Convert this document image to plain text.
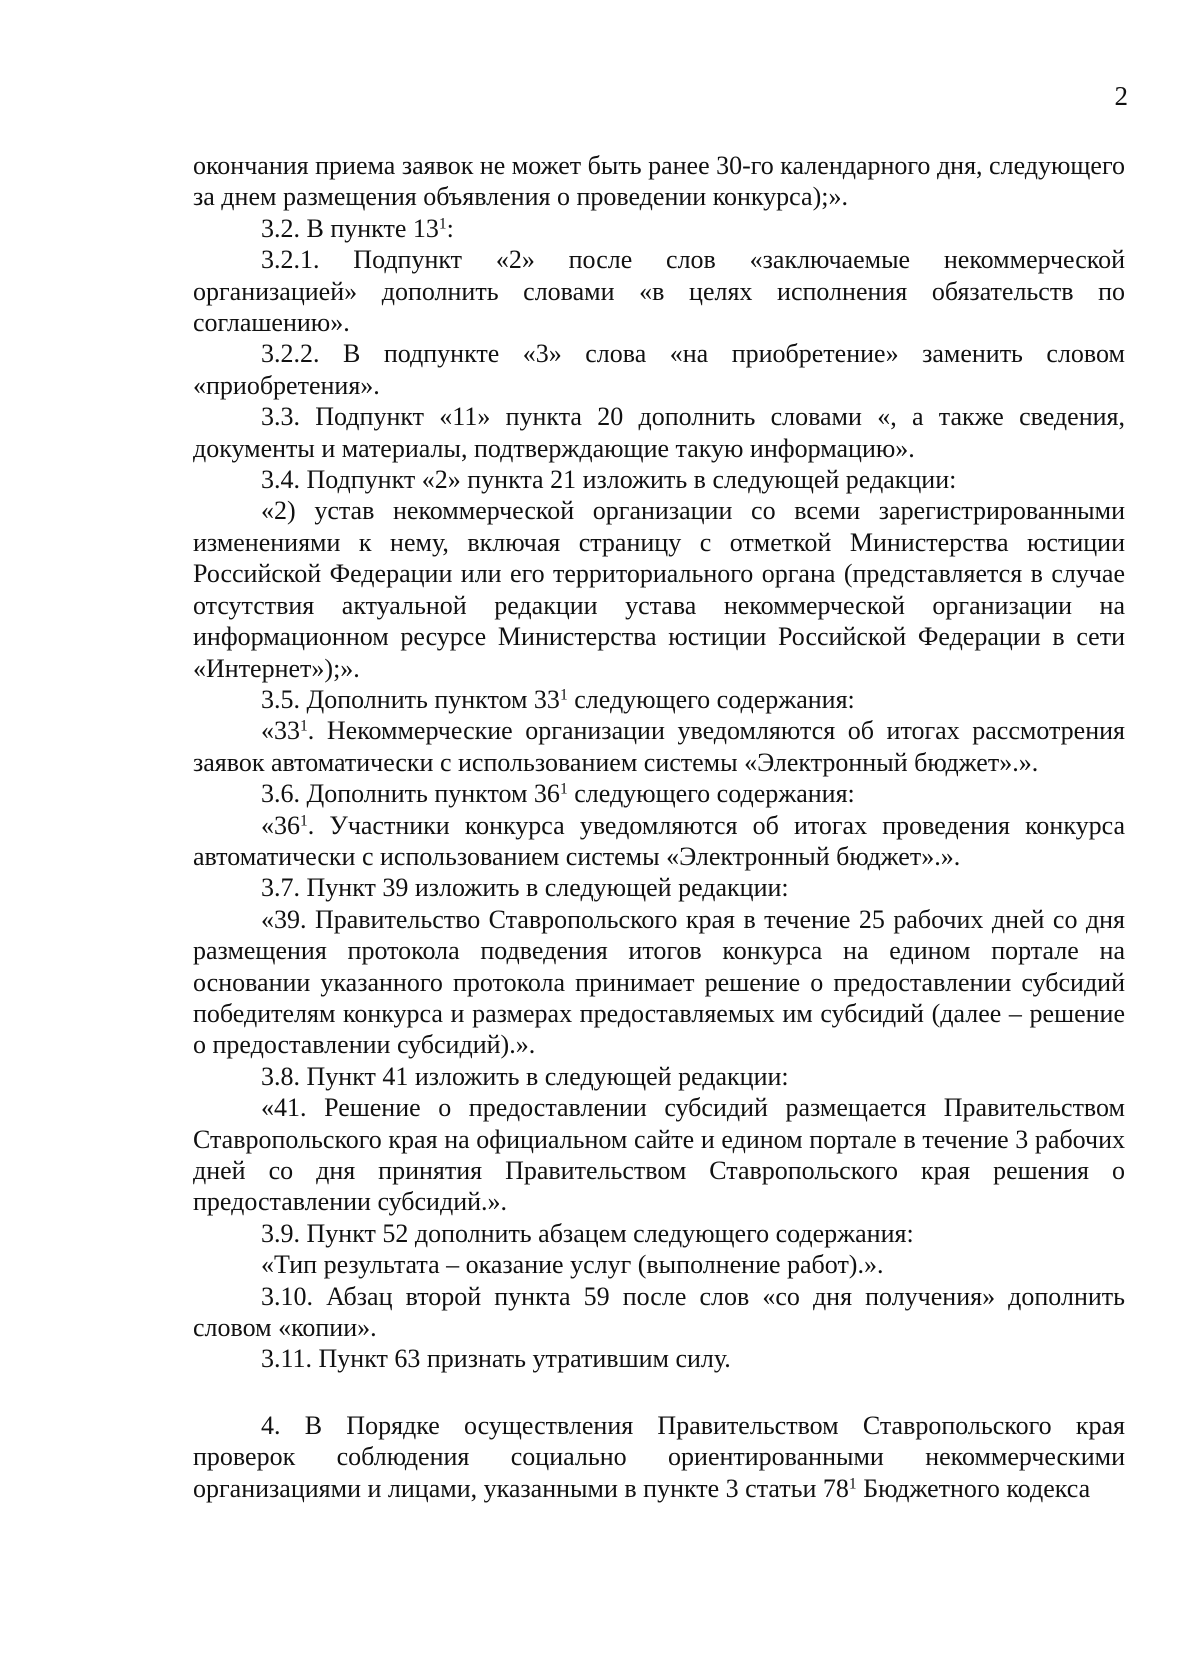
2

окончания приема заявок не может быть ранее 30-го календарного дня, следующего за днем размещения объявления о проведении конкурса);».

3.2. В пункте $13^1$:

3.2.1. Подпункт «2» после слов «заключаемые некоммерческой организацией» дополнить словами «в целях исполнения обязательств по соглашению».

3.2.2. В подпункте «3» слова «на приобретение» заменить словом «приобретения».

3.3. Подпункт «11» пункта 20 дополнить словами «, а также сведения, документы и материалы, подтверждающие такую информацию».

3.4. Подпункт «2» пункта 21 изложить в следующей редакции:

«2) устав некоммерческой организации со всеми зарегистрированными изменениями к нему, включая страницу с отметкой Министерства юстиции Российской Федерации или его территориального органа (представляется в случае отсутствия актуальной редакции устава некоммерческой организации на информационном ресурсе Министерства юстиции Российской Федерации в сети «Интернет»);».

3.5. Дополнить пунктом $33^1$ следующего содержания:

«$33^1$. Некоммерческие организации уведомляются об итогах рассмотрения заявок автоматически с использованием системы «Электронный бюджет».».

3.6. Дополнить пунктом $36^1$ следующего содержания:

«$36^1$. Участники конкурса уведомляются об итогах проведения конкурса автоматически с использованием системы «Электронный бюджет».».

3.7. Пункт 39 изложить в следующей редакции:

«39. Правительство Ставропольского края в течение 25 рабочих дней со дня размещения протокола подведения итогов конкурса на едином портале на основании указанного протокола принимает решение о предоставлении субсидий победителям конкурса и размерах предоставляемых им субсидий (далее – решение о предоставлении субсидий).».

3.8. Пункт 41 изложить в следующей редакции:

«41. Решение о предоставлении субсидий размещается Правительством Ставропольского края на официальном сайте и едином портале в течение 3 рабочих дней со дня принятия Правительством Ставропольского края решения о предоставлении субсидий.».

3.9. Пункт 52 дополнить абзацем следующего содержания:

«Тип результата – оказание услуг (выполнение работ).».

3.10. Абзац второй пункта 59 после слов «со дня получения» дополнить словом «копии».

3.11. Пункт 63 признать утратившим силу.

4. В Порядке осуществления Правительством Ставропольского края проверок соблюдения социально ориентированными некоммерческими организациями и лицами, указанными в пункте 3 статьи $78^1$ Бюджетного кодекса
